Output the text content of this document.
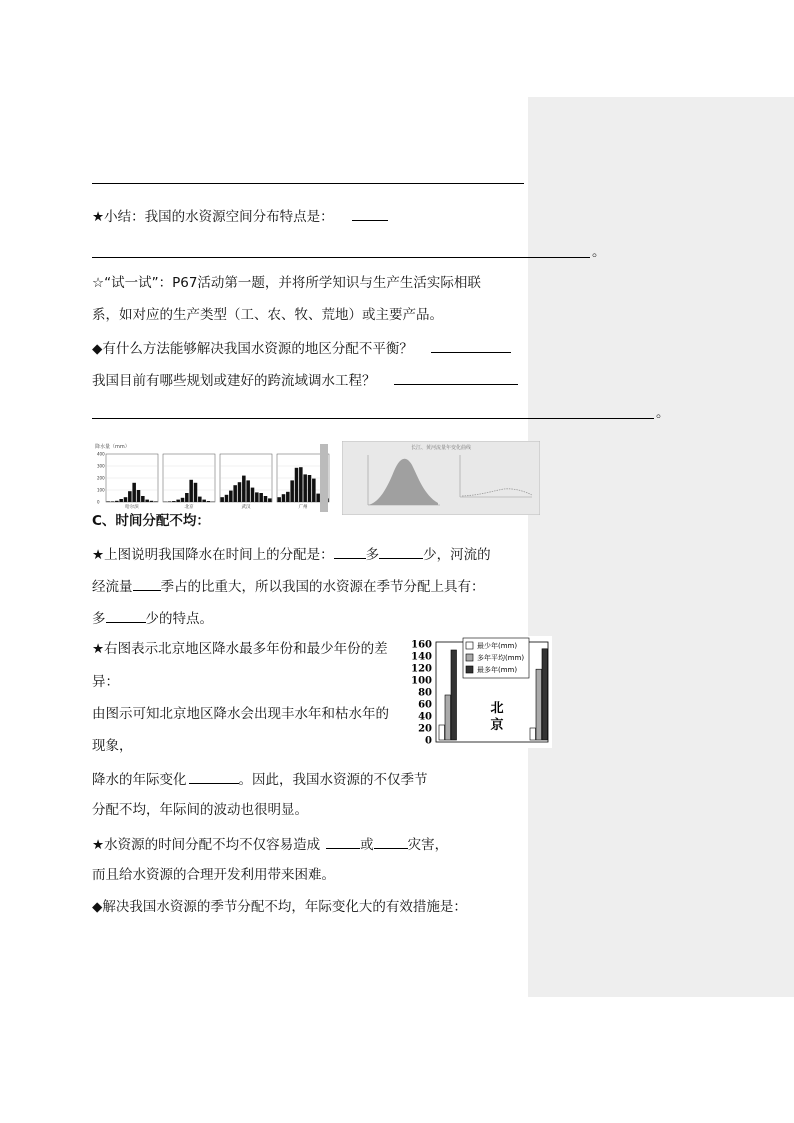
★小结：我国的水资源空间分布特点是：
。
☆“试一试”：P67活动第一题，并将所学知识与生产生活实际相联
系，如对应的生产类型（工、农、牧、荒地）或主要产品。
◆有什么方法能够解决我国水资源的地区分配不平衡？
我国目前有哪些规划或建好的跨流域调水工程？
。
降水量（mm）
400
300
200
100
0
哈尔滨	北京	武汉	广州
长江、黄河流量年变化曲线
C、时间分配不均：
★上图说明我国降水在时间上的分配是： 多	少，河流的
经流量 季占的比重大，所以我国的水资源在季节分配上具有：
多	少的特点。
★右图表示北京地区降水最多年份和最少年份的差
异：
由图示可知北京地区降水会出现丰水年和枯水年的
现象，
160
140
120
100
80
60
40
20
0
北
京
最少年(mm)
多年平均(mm)
最多年(mm)
降水的年际变化	。因此，我国水资源的不仅季节
分配不均，年际间的波动也很明显。
★水资源的时间分配不均不仅容易造成	或	灾害，
而且给水资源的合理开发利用带来困难。
◆解决我国水资源的季节分配不均，年际变化大的有效措施是：
